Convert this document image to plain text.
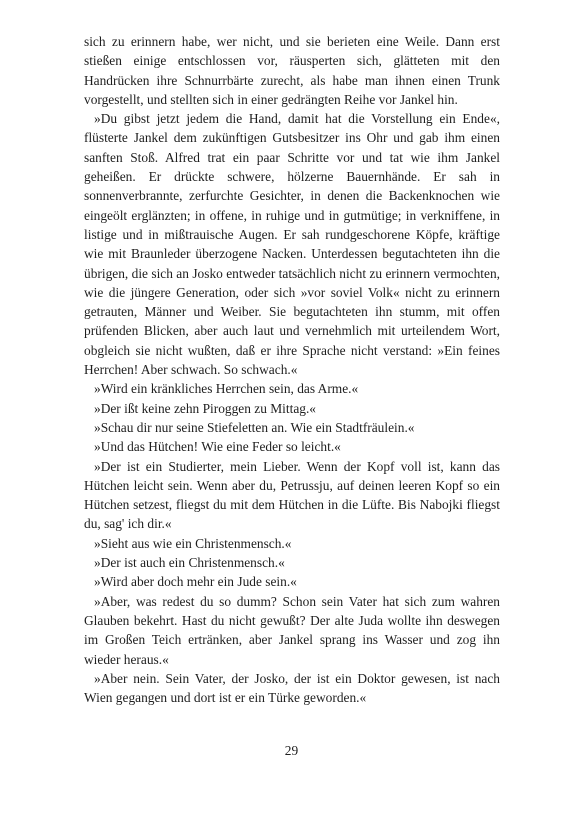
sich zu erinnern habe, wer nicht, und sie berieten eine Weile. Dann erst stießen einige entschlossen vor, räusperten sich, glätteten mit den Handrücken ihre Schnurrbärte zurecht, als habe man ihnen einen Trunk vorgestellt, und stellten sich in einer gedrängten Reihe vor Jankel hin.

»Du gibst jetzt jedem die Hand, damit hat die Vorstellung ein Ende«, flüsterte Jankel dem zukünftigen Gutsbesitzer ins Ohr und gab ihm einen sanften Stoß. Alfred trat ein paar Schritte vor und tat wie ihm Jankel geheißen. Er drückte schwere, hölzerne Bauernhände. Er sah in sonnenverbrannte, zerfurchte Gesichter, in denen die Backenknochen wie eingeölt erglänzten; in offene, in ruhige und in gutmütige; in verkniffene, in listige und in mißtrauische Augen. Er sah rundgeschorene Köpfe, kräftige wie mit Braunleder überzogene Nacken. Unterdessen begutachteten ihn die übrigen, die sich an Josko entweder tatsächlich nicht zu erinnern vermochten, wie die jüngere Generation, oder sich »vor soviel Volk« nicht zu erinnern getrauten, Männer und Weiber. Sie begutachteten ihn stumm, mit offen prüfenden Blicken, aber auch laut und vernehmlich mit urteilendem Wort, obgleich sie nicht wußten, daß er ihre Sprache nicht verstand: »Ein feines Herrchen! Aber schwach. So schwach.«

»Wird ein kränkliches Herrchen sein, das Arme.«

»Der ißt keine zehn Piroggen zu Mittag.«

»Schau dir nur seine Stiefeletten an. Wie ein Stadtfräulein.«

»Und das Hütchen! Wie eine Feder so leicht.«

»Der ist ein Studierter, mein Lieber. Wenn der Kopf voll ist, kann das Hütchen leicht sein. Wenn aber du, Petrussju, auf deinen leeren Kopf so ein Hütchen setzest, fliegst du mit dem Hütchen in die Lüfte. Bis Nabojki fliegst du, sag' ich dir.«

»Sieht aus wie ein Christenmensch.«

»Der ist auch ein Christenmensch.«

»Wird aber doch mehr ein Jude sein.«

»Aber, was redest du so dumm? Schon sein Vater hat sich zum wahren Glauben bekehrt. Hast du nicht gewußt? Der alte Juda wollte ihn deswegen im Großen Teich ertränken, aber Jankel sprang ins Wasser und zog ihn wieder heraus.«

»Aber nein. Sein Vater, der Josko, der ist ein Doktor gewesen, ist nach Wien gegangen und dort ist er ein Türke geworden.«

29
